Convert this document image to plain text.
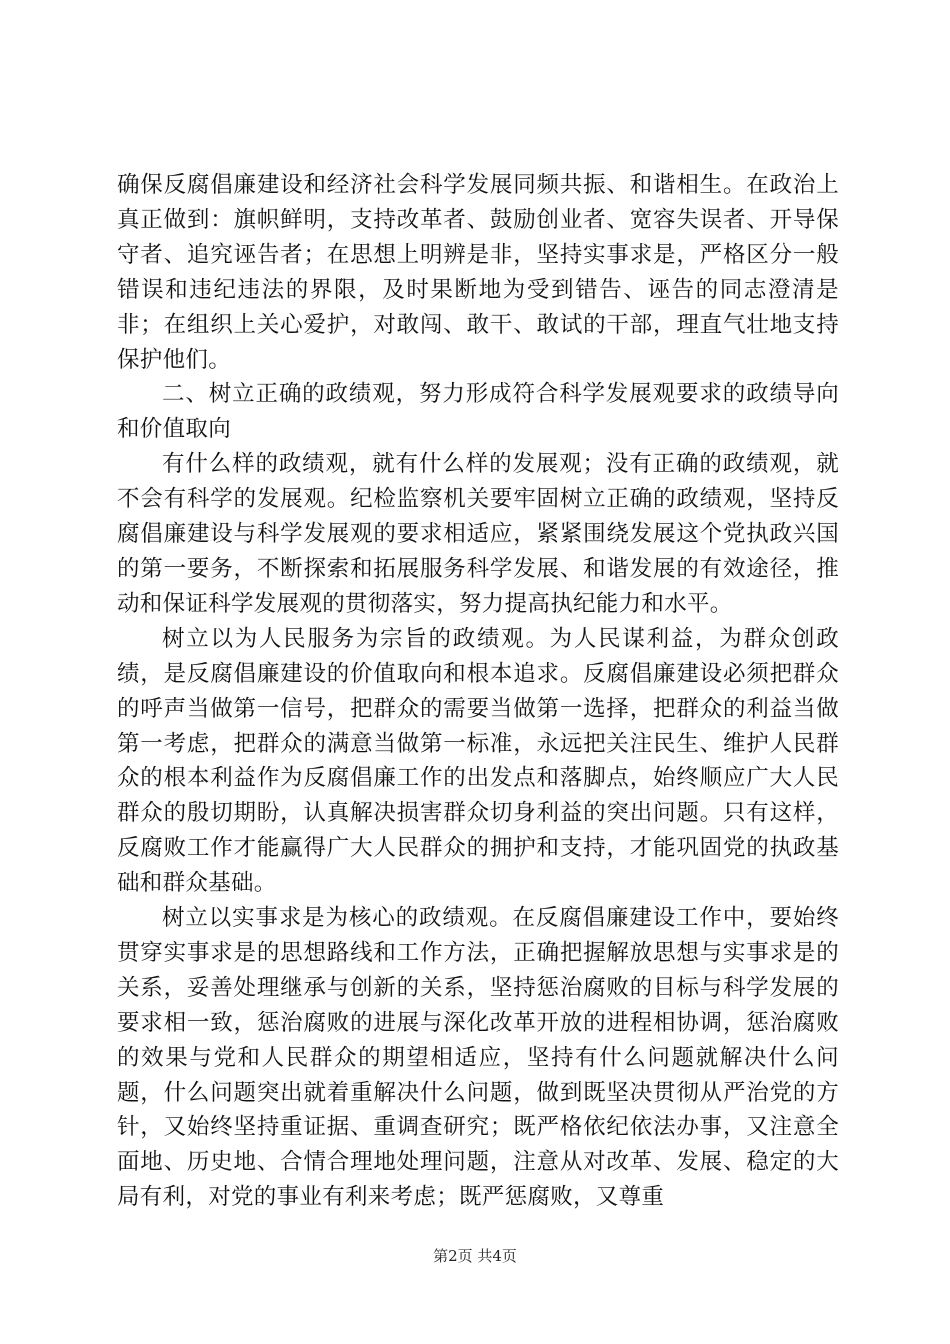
确保反腐倡廉建设和经济社会科学发展同频共振、和谐相生。在政治上真正做到：旗帜鲜明，支持改革者、鼓励创业者、宽容失误者、开导保守者、追究诬告者；在思想上明辨是非，坚持实事求是，严格区分一般错误和违纪违法的界限，及时果断地为受到错告、诬告的同志澄清是非；在组织上关心爱护，对敢闯、敢干、敢试的干部，理直气壮地支持保护他们。

二、树立正确的政绩观，努力形成符合科学发展观要求的政绩导向和价值取向

有什么样的政绩观，就有什么样的发展观；没有正确的政绩观，就不会有科学的发展观。纪检监察机关要牢固树立正确的政绩观，坚持反腐倡廉建设与科学发展观的要求相适应，紧紧围绕发展这个党执政兴国的第一要务，不断探索和拓展服务科学发展、和谐发展的有效途径，推动和保证科学发展观的贯彻落实，努力提高执纪能力和水平。

树立以为人民服务为宗旨的政绩观。为人民谋利益，为群众创政绩，是反腐倡廉建设的价值取向和根本追求。反腐倡廉建设必须把群众的呼声当做第一信号，把群众的需要当做第一选择，把群众的利益当做第一考虑，把群众的满意当做第一标准，永远把关注民生、维护人民群众的根本利益作为反腐倡廉工作的出发点和落脚点，始终顺应广大人民群众的殷切期盼，认真解决损害群众切身利益的突出问题。只有这样，反腐败工作才能赢得广大人民群众的拥护和支持，才能巩固党的执政基础和群众基础。

树立以实事求是为核心的政绩观。在反腐倡廉建设工作中，要始终贯穿实事求是的思想路线和工作方法，正确把握解放思想与实事求是的关系，妥善处理继承与创新的关系，坚持惩治腐败的目标与科学发展的要求相一致，惩治腐败的进展与深化改革开放的进程相协调，惩治腐败的效果与党和人民群众的期望相适应，坚持有什么问题就解决什么问题，什么问题突出就着重解决什么问题，做到既坚决贯彻从严治党的方针，又始终坚持重证据、重调查研究；既严格依纪依法办事，又注意全面地、历史地、合情合理地处理问题，注意从对改革、发展、稳定的大局有利，对党的事业有利来考虑；既严惩腐败，又尊重

第2页 共4页
